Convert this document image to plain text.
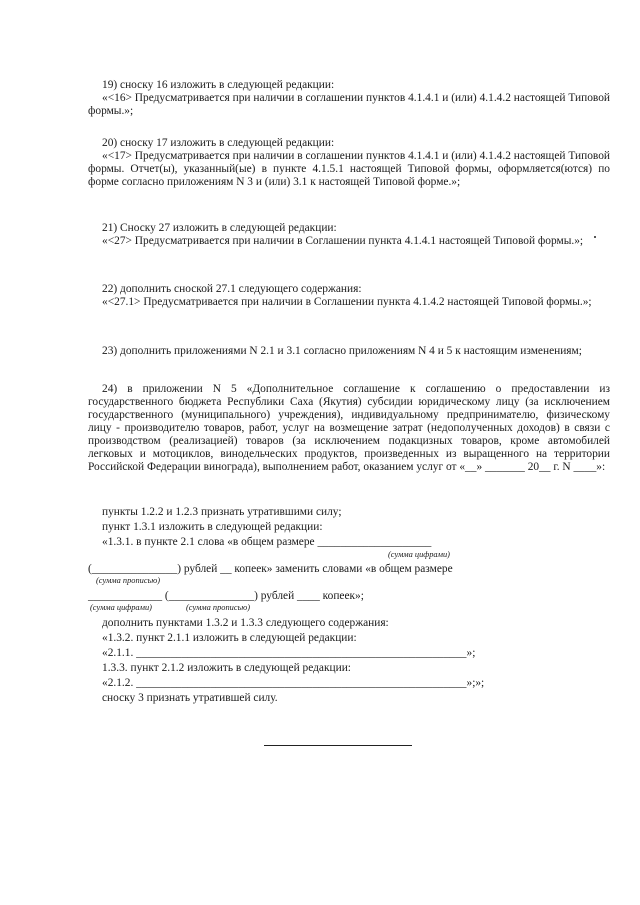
19) сноску 16 изложить в следующей редакции:
«<16> Предусматривается при наличии в соглашении пунктов 4.1.4.1 и (или) 4.1.4.2 настоящей Типовой формы.»;
20) сноску 17 изложить в следующей редакции:
«<17> Предусматривается при наличии в соглашении пунктов 4.1.4.1 и (или) 4.1.4.2 настоящей Типовой формы. Отчет(ы), указанный(ые) в пункте 4.1.5.1 настоящей Типовой формы, оформляется(ются) по форме согласно приложениям N 3 и (или) 3.1 к настоящей Типовой форме.»;
21) Сноску 27 изложить в следующей редакции:
«<27> Предусматривается при наличии в Соглашении пункта 4.1.4.1 настоящей Типовой формы.»;
22) дополнить сноской 27.1 следующего содержания:
«<27.1> Предусматривается при наличии в Соглашении пункта 4.1.4.2 настоящей Типовой формы.»;
23) дополнить приложениями N 2.1 и 3.1 согласно приложениям N 4 и 5 к настоящим изменениям;
24) в приложении N 5 «Дополнительное соглашение к соглашению о предоставлении из государственного бюджета Республики Саха (Якутия) субсидии юридическому лицу (за исключением государственного (муниципального) учреждения), индивидуальному предпринимателю, физическому лицу - производителю товаров, работ, услуг на возмещение затрат (недополученных доходов) в связи с производством (реализацией) товаров (за исключением подакцизных товаров, кроме автомобилей легковых и мотоциклов, винодельческих продуктов, произведенных из выращенного на территории Российской Федерации винограда), выполнением работ, оказанием услуг от «__» _______ 20__ г. N ____»:
пункты 1.2.2 и 1.2.3 признать утратившими силу;
пункт 1.3.1 изложить в следующей редакции:
«1.3.1. в пункте 2.1 слова «в общем размере ____________________
(сумма цифрами)
(_______________) рублей __ копеек» заменить словами «в общем размере
(сумма прописью)
_____________ (_______________) рублей ____ копеек»;
(сумма цифрами)	(сумма прописью)
дополнить пунктами 1.3.2 и 1.3.3 следующего содержания:
«1.3.2. пункт 2.1.1 изложить в следующей редакции:
«2.1.1. __________________________________________________________»;
1.3.3. пункт 2.1.2 изложить в следующей редакции:
«2.1.2. __________________________________________________________»;»;
сноску 3 признать утратившей силу.
